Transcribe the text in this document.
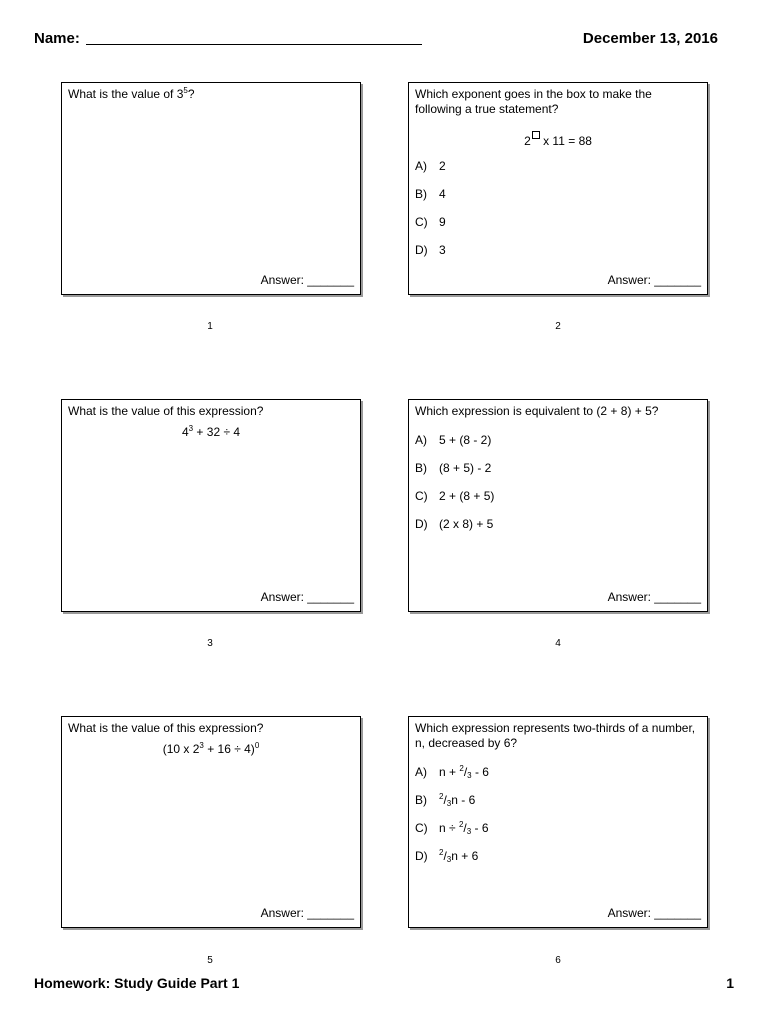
Name:	December 13, 2016
What is the value of $3^5$?
Answer: _______
1
Which exponent goes in the box to make the following a true statement?
2 x 11 = 88
A) 2
B) 4
C) 9
D) 3
Answer: _______
2
What is the value of this expression?
$4^3 + 32 \div 4$
Answer: _______
3
Which expression is equivalent to (2 + 8) + 5?
A) 5 + (8 - 2)
B) (8 + 5) - 2
C) 2 + (8 + 5)
D) (2 x 8) + 5
Answer: _______
4
What is the value of this expression?
(10 x $2^3 + 16 \div 4)^0$
Answer: _______
5
Which expression represents two-thirds of a number, n, decreased by 6?
A) $n + ^2/_3 - 6$
B) $^2/_3n - 6$
C) $n \div ^2/_3 - 6$
D) $^2/_3n + 6$
Answer: _______
6
Homework: Study Guide Part 1	1
